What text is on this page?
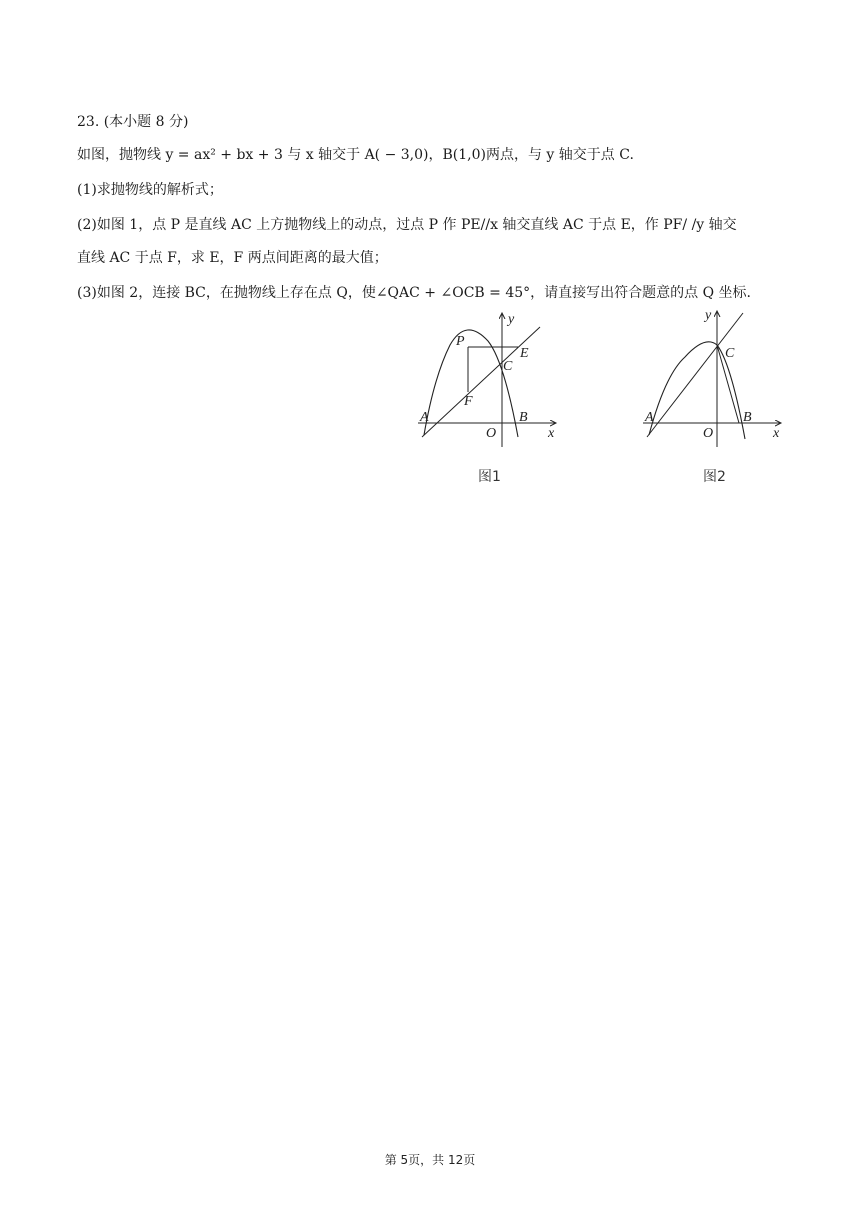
23. (本小题 8 分)
如图，抛物线 y = ax² + bx + 3 与 x 轴交于 A( − 3,0)，B(1,0)两点，与 y 轴交于点 C.
(1)求抛物线的解析式；
(2)如图 1，点 P 是直线 AC 上方抛物线上的动点，过点 P 作 PE//x 轴交直线 AC 于点 E，作 PF/ /y 轴交
直线 AC 于点 F，求 E，F 两点间距离的最大值；
(3)如图 2，连接 BC，在抛物线上存在点 Q，使∠QAC + ∠OCB = 45°，请直接写出符合题意的点 Q 坐标.
y
x
P
E
C
F
A	B
O
图1
y
x
C
A	B
O
图2
第 5页，共 12页
